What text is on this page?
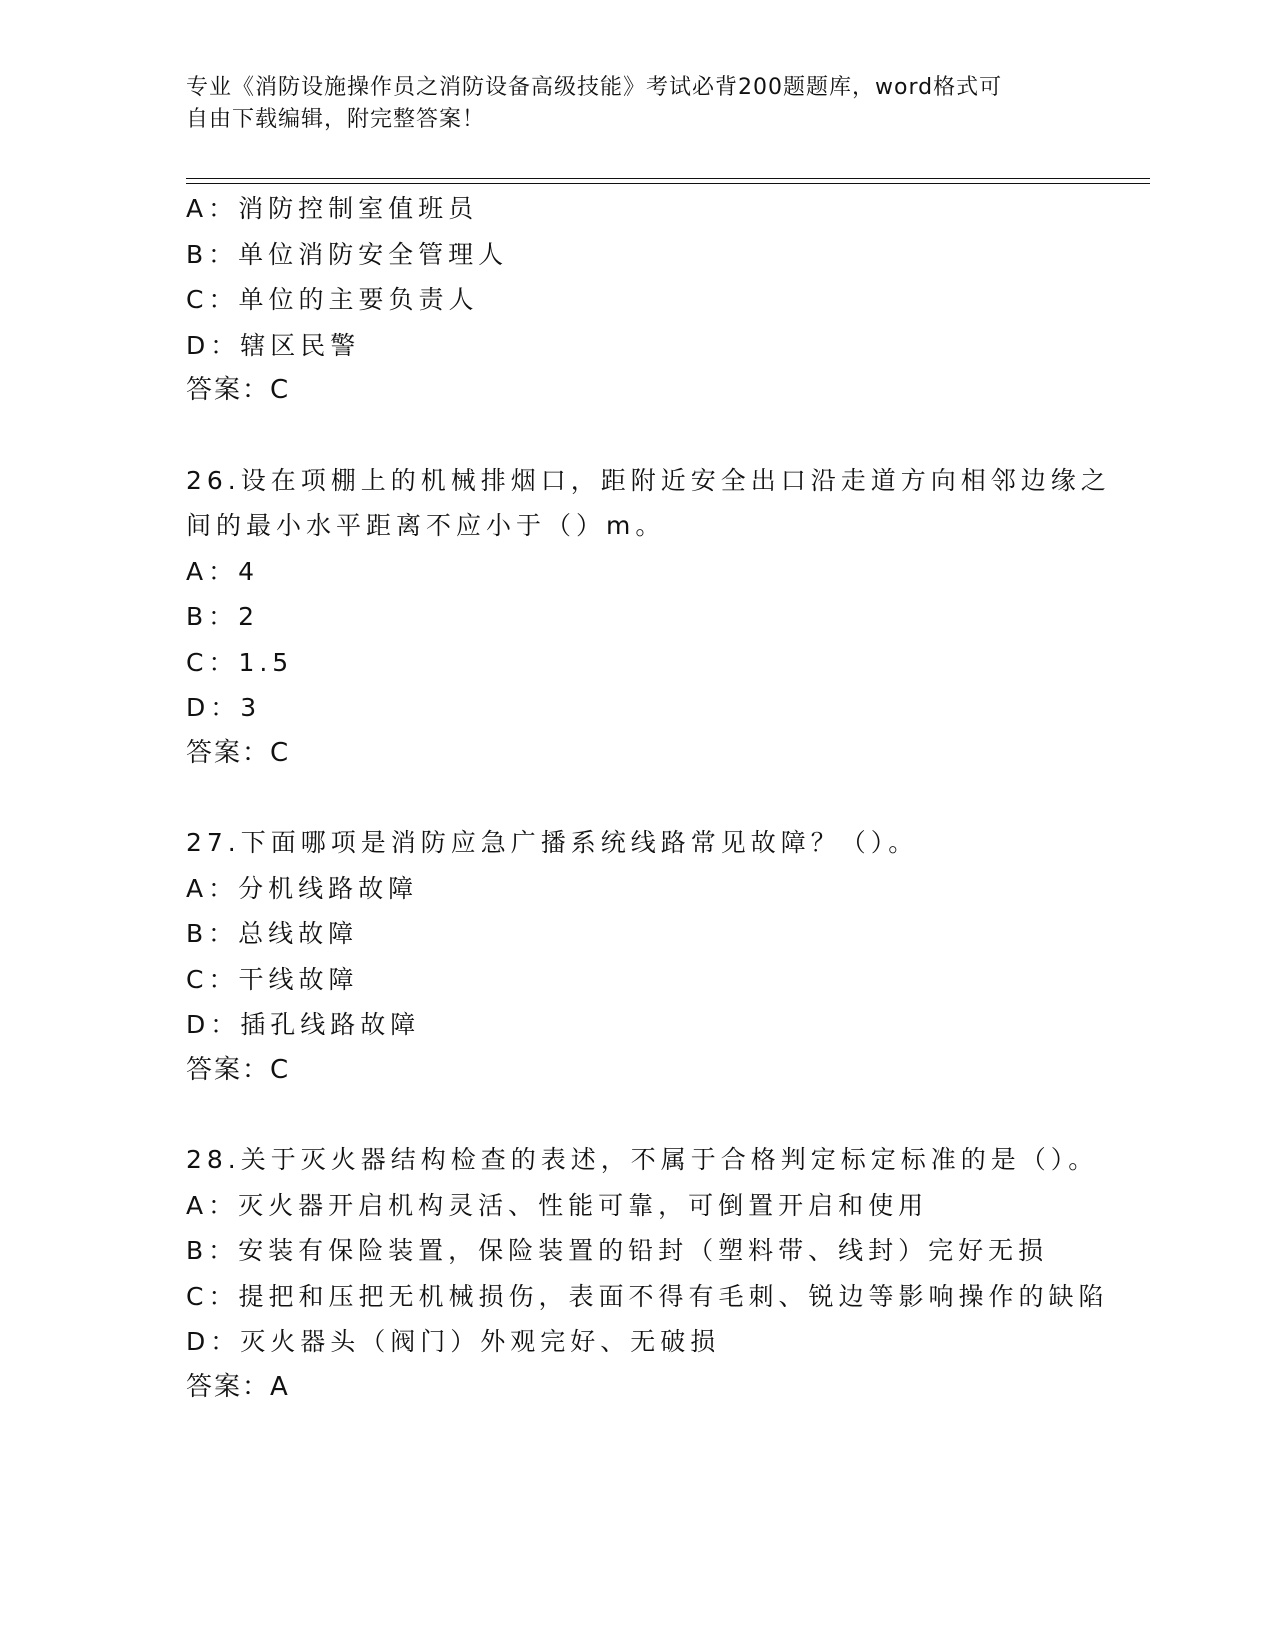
专业《消防设施操作员之消防设备高级技能》考试必背200题题库，word格式可
自由下载编辑，附完整答案！
A：消防控制室值班员
B：单位消防安全管理人
C：单位的主要负责人
D：辖区民警
答案：C
26.设在项棚上的机械排烟口，距附近安全出口沿走道方向相邻边缘之
间的最小水平距离不应小于（）m。
A：4
B：2
C：1.5
D：3
答案：C
27.下面哪项是消防应急广播系统线路常见故障？（）。
A：分机线路故障
B：总线故障
C：干线故障
D：插孔线路故障
答案：C
28.关于灭火器结构检查的表述，不属于合格判定标定标准的是（）。
A：灭火器开启机构灵活、性能可靠，可倒置开启和使用
B：安装有保险装置，保险装置的铅封（塑料带、线封）完好无损
C：提把和压把无机械损伤，表面不得有毛刺、锐边等影响操作的缺陷
D：灭火器头（阀门）外观完好、无破损
答案：A
